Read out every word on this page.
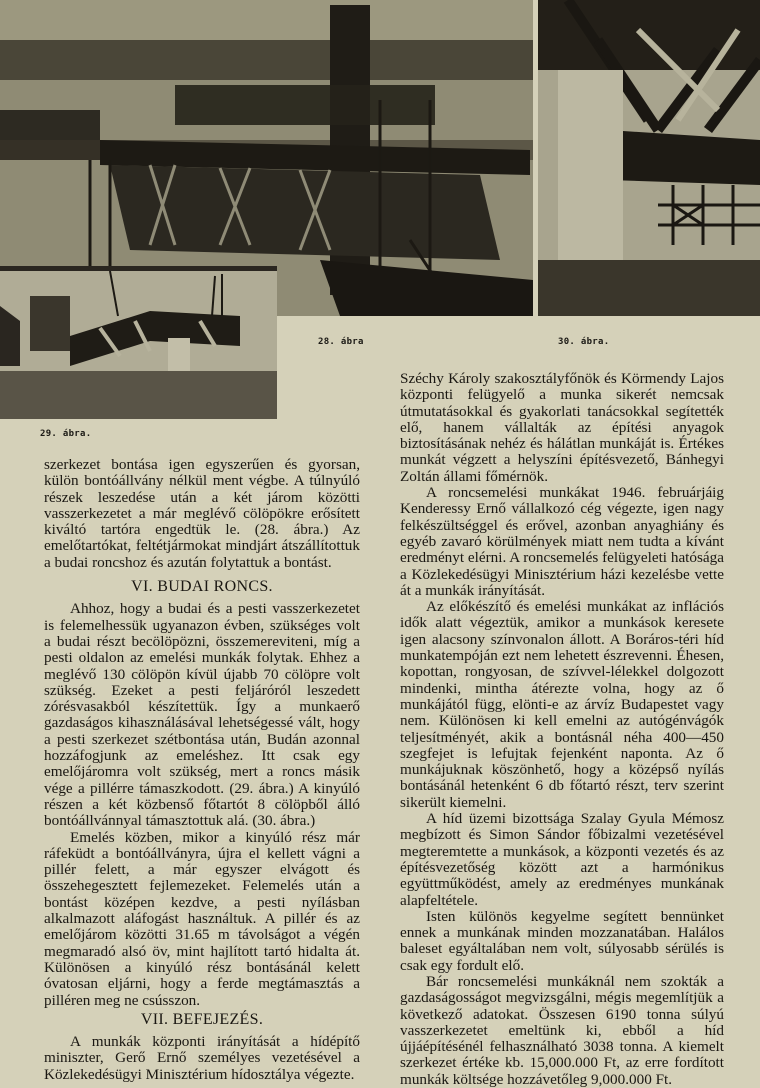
28. ábra	30. ábra.
29. ábra.

szerkezet bontása igen egyszerűen és gyorsan, külön bontóállvány nélkül ment végbe. A túlnyúló részek leszedése után a két járom közötti vasszerkezetet a már meglévő cölöpökre erősített kiváltó tartóra engedtük le. (28. ábra.) Az emelőtartókat, feltétjármokat mindjárt átszállítottuk a budai roncshoz és azután folytattuk a bontást.

VI. BUDAI RONCS.

Ahhoz, hogy a budai és a pesti vasszerkezetet is felemelhessük ugyanazon évben, szükséges volt a budai részt becölöpözni, összemereviteni, míg a pesti oldalon az emelési munkák folytak. Ehhez a meglévő 130 cölöpön kívül újabb 70 cölöpre volt szükség. Ezeket a pesti feljáróról leszedett zórésvasakból készítettük. Így a munkaerő gazdaságos kihasználásával lehetségessé vált, hogy a pesti szerkezet szétbontása után, Budán azonnal hozzáfogjunk az emeléshez. Itt csak egy emelőjáromra volt szükség, mert a roncs másik vége a pillérre támaszkodott. (29. ábra.) A kinyúló részen a két közbenső főtartót 8 cölöpből álló bontóállvánnyal támasztottuk alá. (30. ábra.)

Emelés közben, mikor a kinyúló rész már ráfeküdt a bontóállványra, újra el kellett vágni a pillér felett, a már egyszer elvágott és összehegesztett fejlemezeket. Felemelés után a bontást középen kezdve, a pesti nyílásban alkalmazott aláfogást használtuk. A pillér és az emelőjárom közötti 31.65 m távolságot a végén megmaradó alsó öv, mint hajlított tartó hidalta át. Különösen a kinyúló rész bontásánál kelett óvatosan eljárni, hogy a ferde megtámasztás a pilléren meg ne csússzon.

VII. BEFEJEZÉS.

A munkák központi irányítását a hídépítő miniszter, Gerő Ernő személyes vezetésével a Közlekedésügyi Minisztérium hídosztálya végezte.

Széchy Károly szakosztályfőnök és Körmendy Lajos központi felügyelő a munka sikerét nemcsak útmutatásokkal és gyakorlati tanácsokkal segítették elő, hanem vállalták az építési anyagok biztosításának nehéz és hálátlan munkáját is. Értékes munkát végzett a helyszíni építésvezető, Bánhegyi Zoltán állami főmérnök.

A roncsemelési munkákat 1946. februárjáig Kenderessy Ernő vállalkozó cég végezte, igen nagy felkészültséggel és erővel, azonban anyaghiány és egyéb zavaró körülmények miatt nem tudta a kívánt eredményt elérni. A roncsemelés felügyeleti hatósága a Közlekedésügyi Minisztérium házi kezelésbe vette át a munkák irányítását.

Az előkészítő és emelési munkákat az inflációs idők alatt végeztük, amikor a munkások keresete igen alacsony színvonalon állott. A Boráros-téri híd munkatempóján ezt nem lehetett észrevenni. Éhesen, kopottan, rongyosan, de szívvel-lélekkel dolgozott mindenki, mintha átérezte volna, hogy az ő munkájától függ, elönti-e az árvíz Budapestet vagy nem. Különösen ki kell emelni az autógénvágók teljesítményét, akik a bontásnál néha 400—450 szegfejet is lefujtak fejenként naponta. Az ő munkájuknak köszönhető, hogy a középső nyílás bontásánál hetenként 6 db főtartó részt, terv szerint sikerült kiemelni.

A híd üzemi bizottsága Szalay Gyula Mémosz megbízott és Simon Sándor főbizalmi vezetésével megteremtette a munkások, a központi vezetés és az építésvezetőség között azt a harmónikus együttműködést, amely az eredményes munkának alapfeltétele.

Isten különös kegyelme segített bennünket ennek a munkának minden mozzanatában. Halálos baleset egyáltalában nem volt, súlyosabb sérülés is csak egy fordult elő.

Bár roncsemelési munkáknál nem szokták a gazdaságosságot megvizsgálni, mégis megemlítjük a következő adatokat. Összesen 6190 tonna súlyú vasszerkezetet emeltünk ki, ebből a híd újjáépítésénél felhasználható 3038 tonna. A kiemelt szerkezet értéke kb. 15,000.000 Ft, az erre fordított munkák költsége hozzávetőleg 9,000.000 Ft.
